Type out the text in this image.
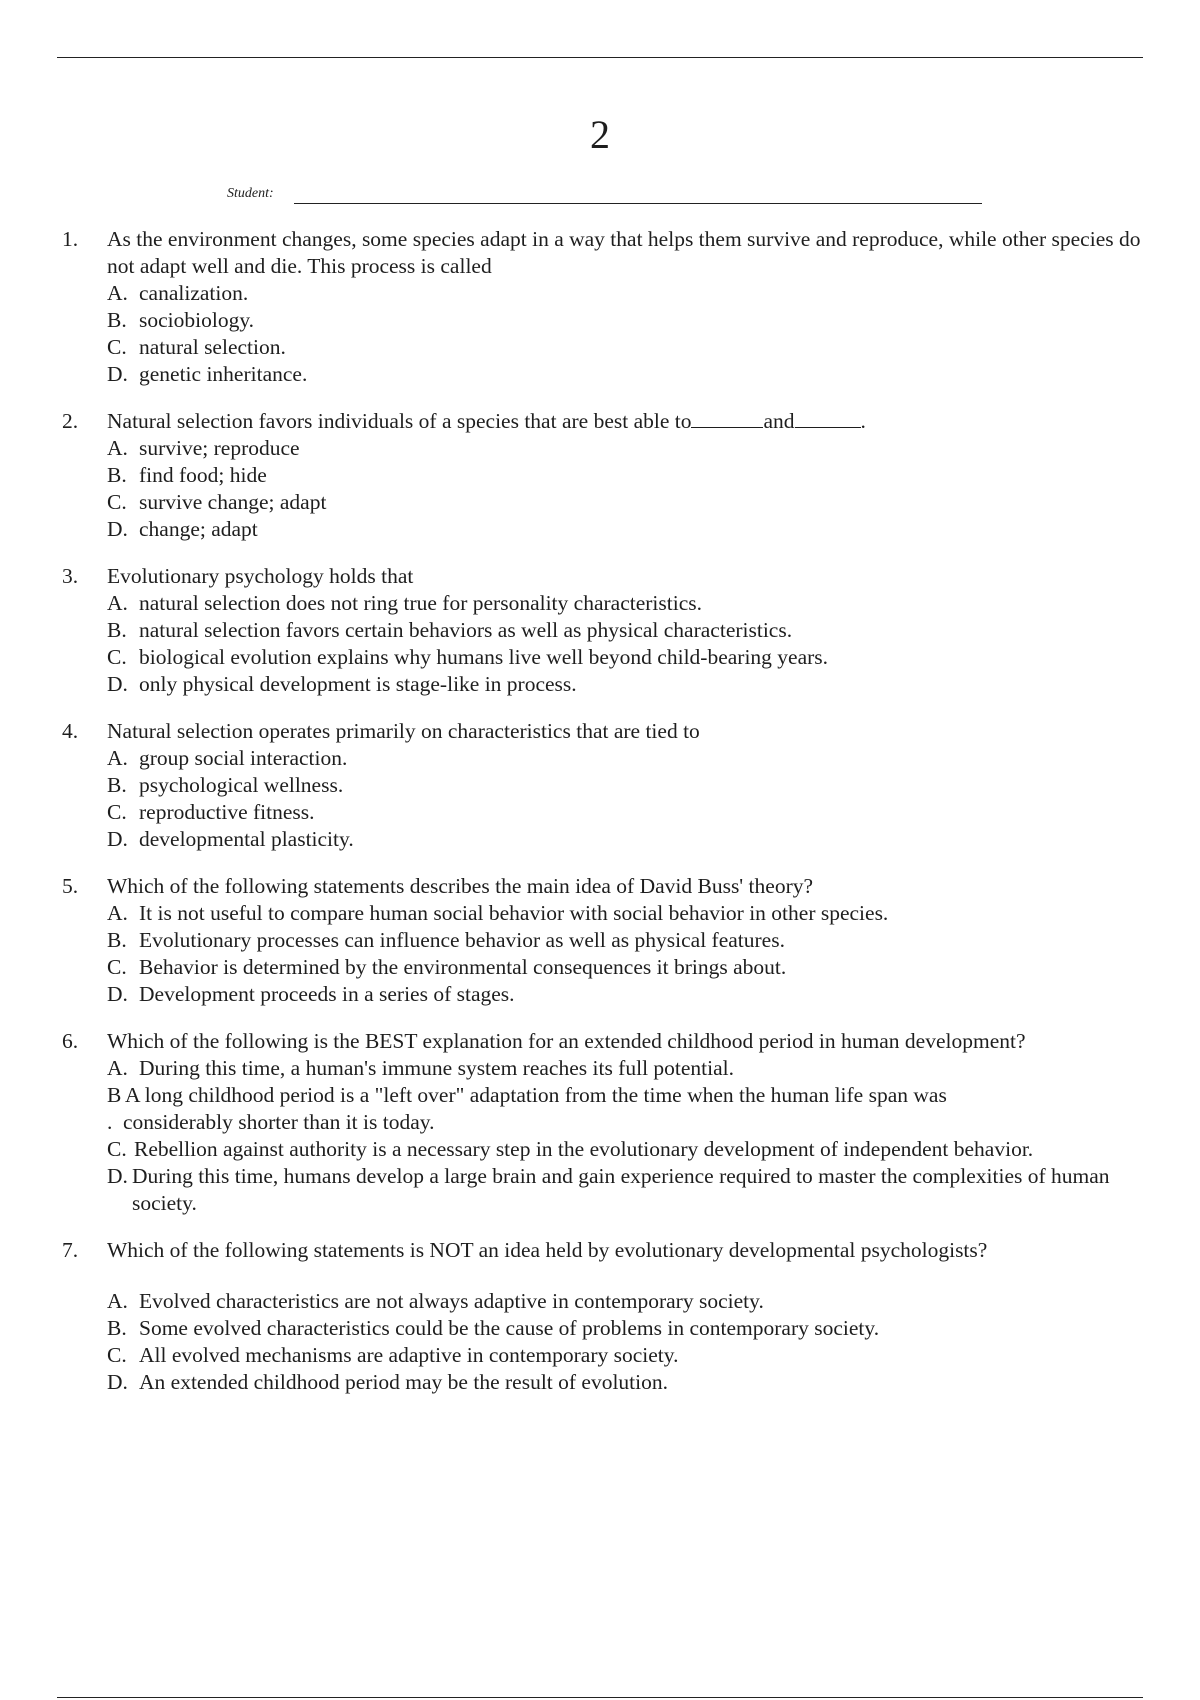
2
Student:
1. As the environment changes, some species adapt in a way that helps them survive and reproduce, while other species do not adapt well and die. This process is called
A. canalization.
B. sociobiology.
C. natural selection.
D. genetic inheritance.
2. Natural selection favors individuals of a species that are best able to	and	.
A. survive; reproduce
B. find food; hide
C. survive change; adapt
D. change; adapt
3. Evolutionary psychology holds that
A. natural selection does not ring true for personality characteristics.
B. natural selection favors certain behaviors as well as physical characteristics.
C. biological evolution explains why humans live well beyond child-bearing years.
D. only physical development is stage-like in process.
4. Natural selection operates primarily on characteristics that are tied to
A. group social interaction.
B. psychological wellness.
C. reproductive fitness.
D. developmental plasticity.
5. Which of the following statements describes the main idea of David Buss' theory?
A. It is not useful to compare human social behavior with social behavior in other species.
B. Evolutionary processes can influence behavior as well as physical features.
C. Behavior is determined by the environmental consequences it brings about.
D. Development proceeds in a series of stages.
6. Which of the following is the BEST explanation for an extended childhood period in human development?
A. During this time, a human's immune system reaches its full potential.
B A long childhood period is a "left over" adaptation from the time when the human life span was
. considerably shorter than it is today.
C. Rebellion against authority is a necessary step in the evolutionary development of independent behavior.
D. During this time, humans develop a large brain and gain experience required to master the complexities of human society.
7. Which of the following statements is NOT an idea held by evolutionary developmental psychologists?
A. Evolved characteristics are not always adaptive in contemporary society.
B. Some evolved characteristics could be the cause of problems in contemporary society.
C. All evolved mechanisms are adaptive in contemporary society.
D. An extended childhood period may be the result of evolution.
